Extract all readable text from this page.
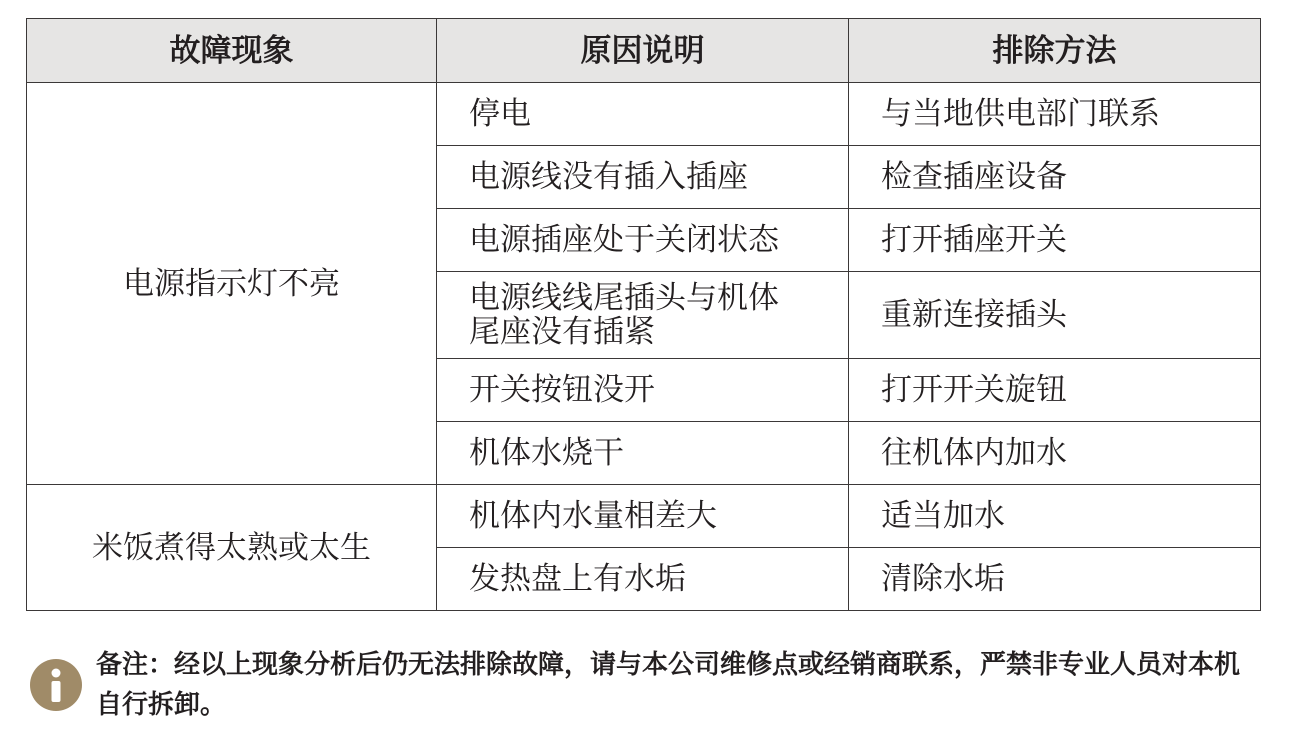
故障现象	原因说明	排除方法
电源指示灯不亮	停电	与当地供电部门联系
	电源线没有插入插座	检查插座设备
	电源插座处于关闭状态	打开插座开关
	电源线线尾插头与机体尾座没有插紧	重新连接插头
	开关按钮没开	打开开关旋钮
	机体水烧干	往机体内加水
米饭煮得太熟或太生	机体内水量相差大	适当加水
	发热盘上有水垢	清除水垢
备注：经以上现象分析后仍无法排除故障，请与本公司维修点或经销商联系，严禁非专业人员对本机自行拆卸。
